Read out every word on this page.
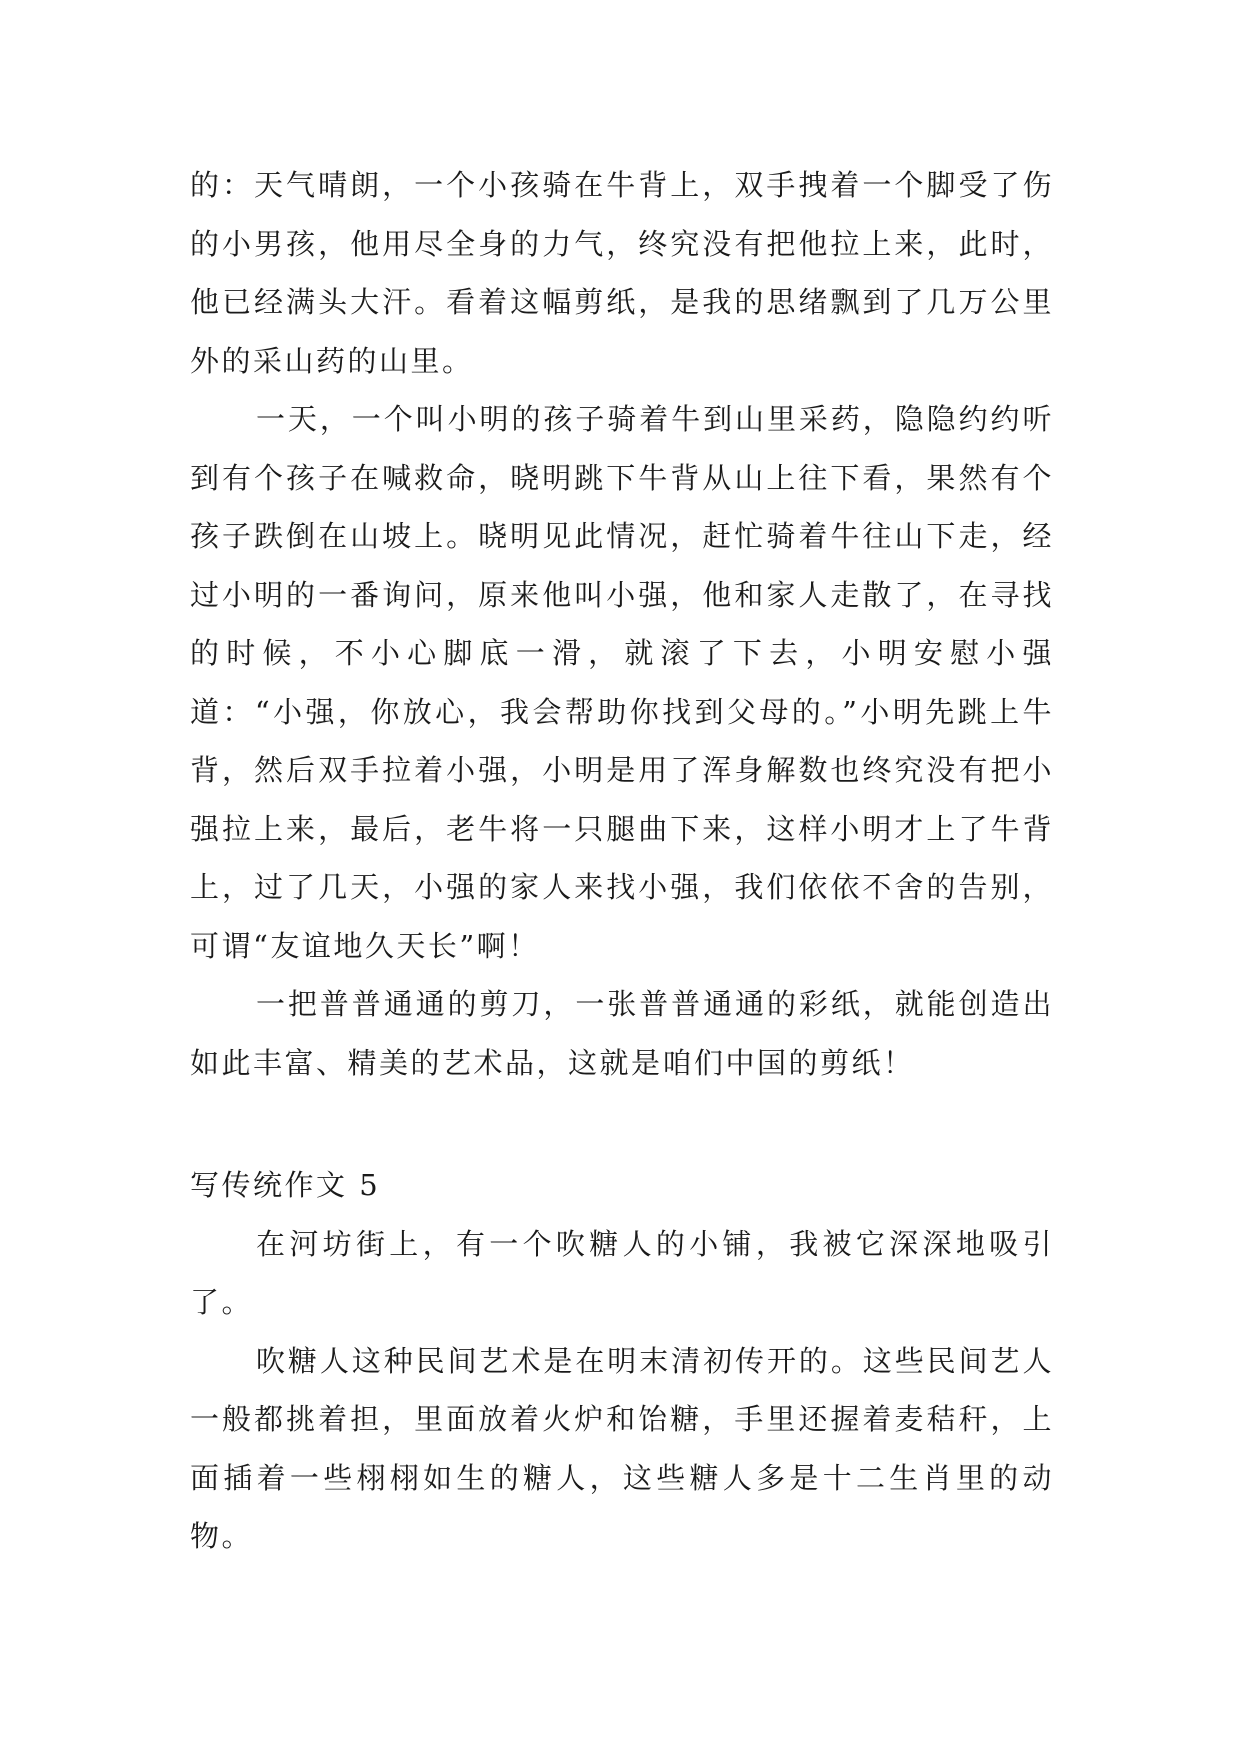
的：天气晴朗，一个小孩骑在牛背上，双手拽着一个脚受了伤的小男孩，他用尽全身的力气，终究没有把他拉上来，此时，他已经满头大汗。看着这幅剪纸，是我的思绪飘到了几万公里外的采山药的山里。

一天，一个叫小明的孩子骑着牛到山里采药，隐隐约约听到有个孩子在喊救命，晓明跳下牛背从山上往下看，果然有个孩子跌倒在山坡上。晓明见此情况，赶忙骑着牛往山下走，经过小明的一番询问，原来他叫小强，他和家人走散了，在寻找的时候，不小心脚底一滑，就滚了下去，小明安慰小强道：“小强，你放心，我会帮助你找到父母的。”小明先跳上牛背，然后双手拉着小强，小明是用了浑身解数也终究没有把小强拉上来，最后，老牛将一只腿曲下来，这样小明才上了牛背上，过了几天，小强的家人来找小强，我们依依不舍的告别，可谓“友谊地久天长”啊！

一把普普通通的剪刀，一张普普通通的彩纸，就能创造出如此丰富、精美的艺术品，这就是咱们中国的剪纸！

写传统作文 5

在河坊街上，有一个吹糖人的小铺，我被它深深地吸引了。

吹糖人这种民间艺术是在明末清初传开的。这些民间艺人一般都挑着担，里面放着火炉和饴糖，手里还握着麦秸秆，上面插着一些栩栩如生的糖人，这些糖人多是十二生肖里的动物。
